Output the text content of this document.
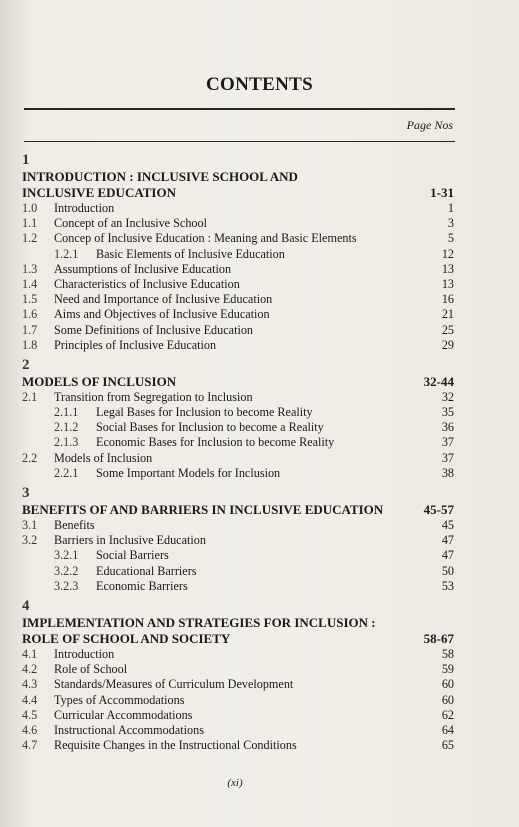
CONTENTS
Page Nos
1
INTRODUCTION : INCLUSIVE SCHOOL AND
INCLUSIVE EDUCATION	1-31
1.0 Introduction	1
1.1 Concept of an Inclusive School	3
1.2 Concep of Inclusive Education : Meaning and Basic Elements	5
1.2.1 Basic Elements of Inclusive Education	12
1.3 Assumptions of Inclusive Education	13
1.4 Characteristics of Inclusive Education	13
1.5 Need and Importance of Inclusive Education	16
1.6 Aims and Objectives of Inclusive Education	21
1.7 Some Definitions of Inclusive Education	25
1.8 Principles of Inclusive Education	29
2
MODELS OF INCLUSION	32-44
2.1 Transition from Segregation to Inclusion	32
2.1.1 Legal Bases for Inclusion to become Reality	35
2.1.2 Social Bases for Inclusion to become a Reality	36
2.1.3 Economic Bases for Inclusion to become Reality	37
2.2 Models of Inclusion	37
2.2.1 Some Important Models for Inclusion	38
3
BENEFITS OF AND BARRIERS IN INCLUSIVE EDUCATION	45-57
3.1 Benefits	45
3.2 Barriers in Inclusive Education	47
3.2.1 Social Barriers	47
3.2.2 Educational Barriers	50
3.2.3 Economic Barriers	53
4
IMPLEMENTATION AND STRATEGIES FOR INCLUSION :
ROLE OF SCHOOL AND SOCIETY	58-67
4.1 Introduction	58
4.2 Role of School	59
4.3 Standards/Measures of Curriculum Development	60
4.4 Types of Accommodations	60
4.5 Curricular Accommodations	62
4.6 Instructional Accommodations	64
4.7 Requisite Changes in the Instructional Conditions	65
(xi)
